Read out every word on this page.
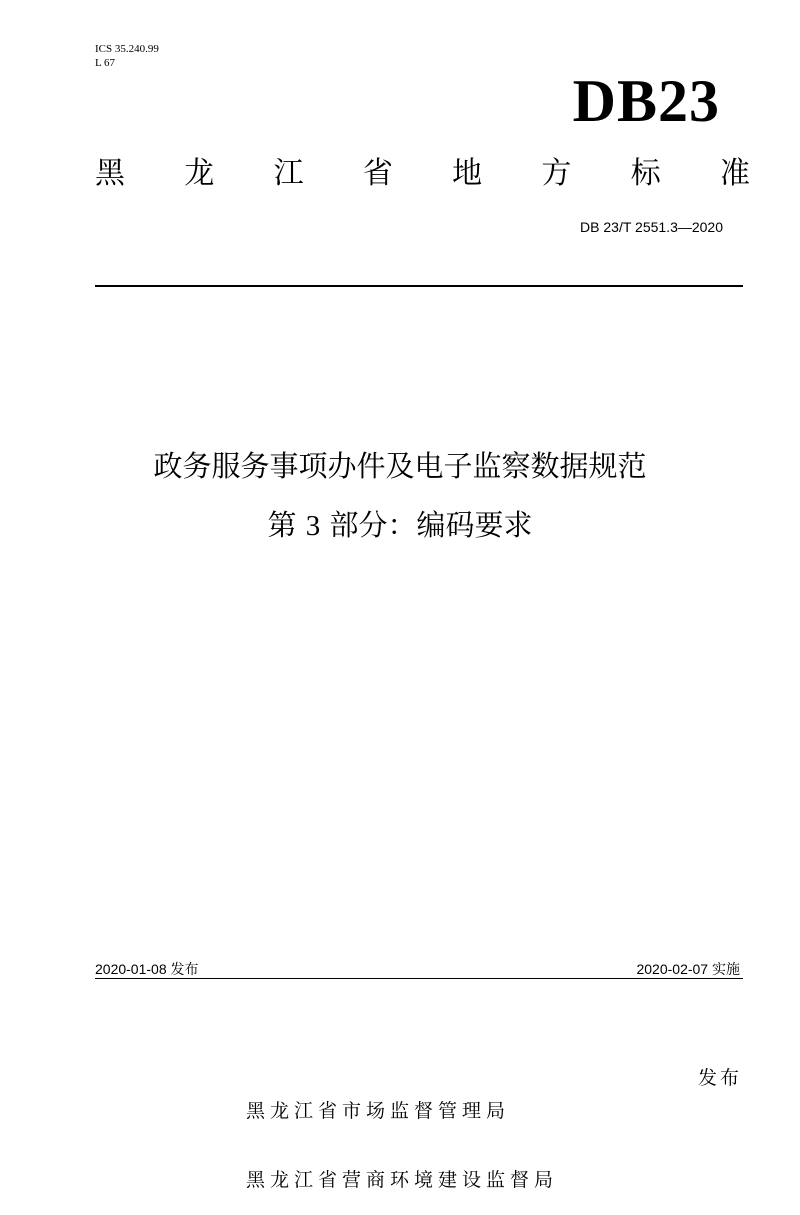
ICS 35.240.99
L 67
DB23
黑 龙 江 省 地 方 标 准
DB 23/T 2551.3—2020
政务服务事项办件及电子监察数据规范
第 3 部分：编码要求
2020-01-08 发布	2020-02-07 实施

黑龙江省市场监督管理局

黑龙江省营商环境建设监督局

发布
